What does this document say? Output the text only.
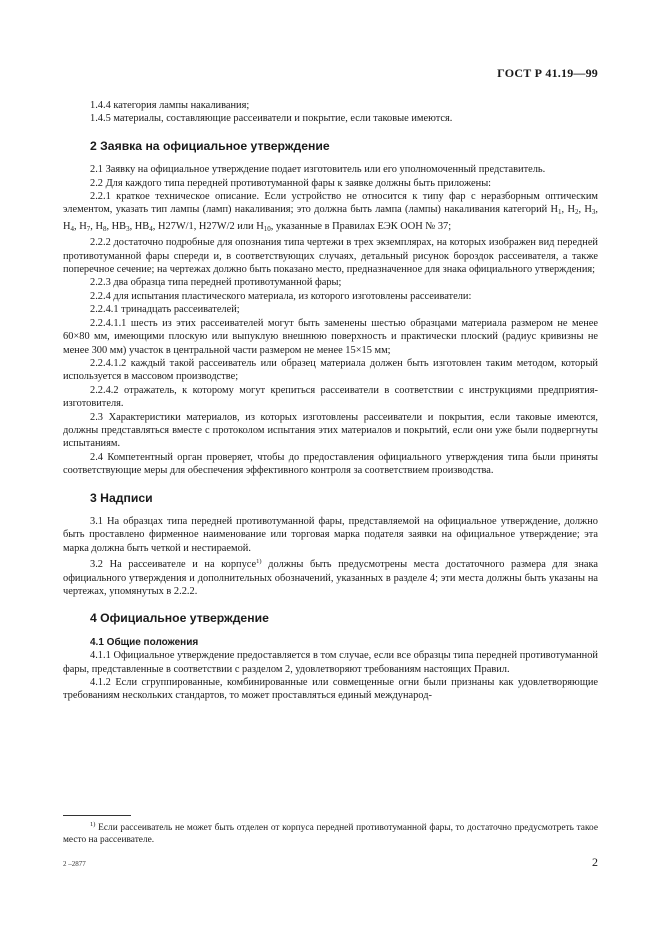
ГОСТ Р 41.19—99

1.4.4 категория лампы накаливания;

1.4.5 материалы, составляющие рассеиватели и покрытие, если таковые имеются.

2 Заявка на официальное утверждение

2.1 Заявку на официальное утверждение подает изготовитель или его уполномоченный представитель.

2.2 Для каждого типа передней противотуманной фары к заявке должны быть приложены:

2.2.1 краткое техническое описание. Если устройство не относится к типу фар с неразборным оптическим элементом, указать тип лампы (ламп) накаливания; это должна быть лампа (лампы) накаливания категорий $H_1$, $H_2$, $H_3$, $H_4$, $H_7$, $H_8$, $HB_3$, $HB_4$, H27W/1, H27W/2 или $H_{10}$, указанные в Правилах ЕЭК ООН № 37;

2.2.2 достаточно подробные для опознания типа чертежи в трех экземплярах, на которых изображен вид передней противотуманной фары спереди и, в соответствующих случаях, детальный рисунок бороздок рассеивателя, а также поперечное сечение; на чертежах должно быть показано место, предназначенное для знака официального утверждения;

2.2.3 два образца типа передней противотуманной фары;

2.2.4 для испытания пластического материала, из которого изготовлены рассеиватели:

2.2.4.1 тринадцать рассеивателей;

2.2.4.1.1 шесть из этих рассеивателей могут быть заменены шестью образцами материала размером не менее 60×80 мм, имеющими плоскую или выпуклую внешнюю поверхность и практически плоский (радиус кривизны не менее 300 мм) участок в центральной части размером не менее 15×15 мм;

2.2.4.1.2 каждый такой рассеиватель или образец материала должен быть изготовлен таким методом, который используется в массовом производстве;

2.2.4.2 отражатель, к которому могут крепиться рассеиватели в соответствии с инструкциями предприятия-изготовителя.

2.3 Характеристики материалов, из которых изготовлены рассеиватели и покрытия, если таковые имеются, должны представляться вместе с протоколом испытания этих материалов и покрытий, если они уже были подвергнуты испытаниям.

2.4 Компетентный орган проверяет, чтобы до предоставления официального утверждения типа были приняты соответствующие меры для обеспечения эффективного контроля за соответствием производства.

3 Надписи

3.1 На образцах типа передней противотуманной фары, представляемой на официальное утверждение, должно быть проставлено фирменное наименование или торговая марка подателя заявки на официальное утверждение; эта марка должна быть четкой и нестираемой.

3.2 На рассеивателе и на корпусе$^{1)}$ должны быть предусмотрены места достаточного размера для знака официального утверждения и дополнительных обозначений, указанных в разделе 4; эти места должны быть указаны на чертежах, упомянутых в 2.2.2.

4 Официальное утверждение
4.1 Общие положения

4.1.1 Официальное утверждение предоставляется в том случае, если все образцы типа передней противотуманной фары, представленные в соответствии с разделом 2, удовлетворяют требованиям настоящих Правил.

4.1.2 Если сгруппированные, комбинированные или совмещенные огни были признаны как удовлетворяющие требованиям нескольких стандартов, то может проставляться единый международ-

$^{1)}$ Если рассеиватель не может быть отделен от корпуса передней противотуманной фары, то достаточно предусмотреть такое место на рассеивателе.

2 –2877	2
